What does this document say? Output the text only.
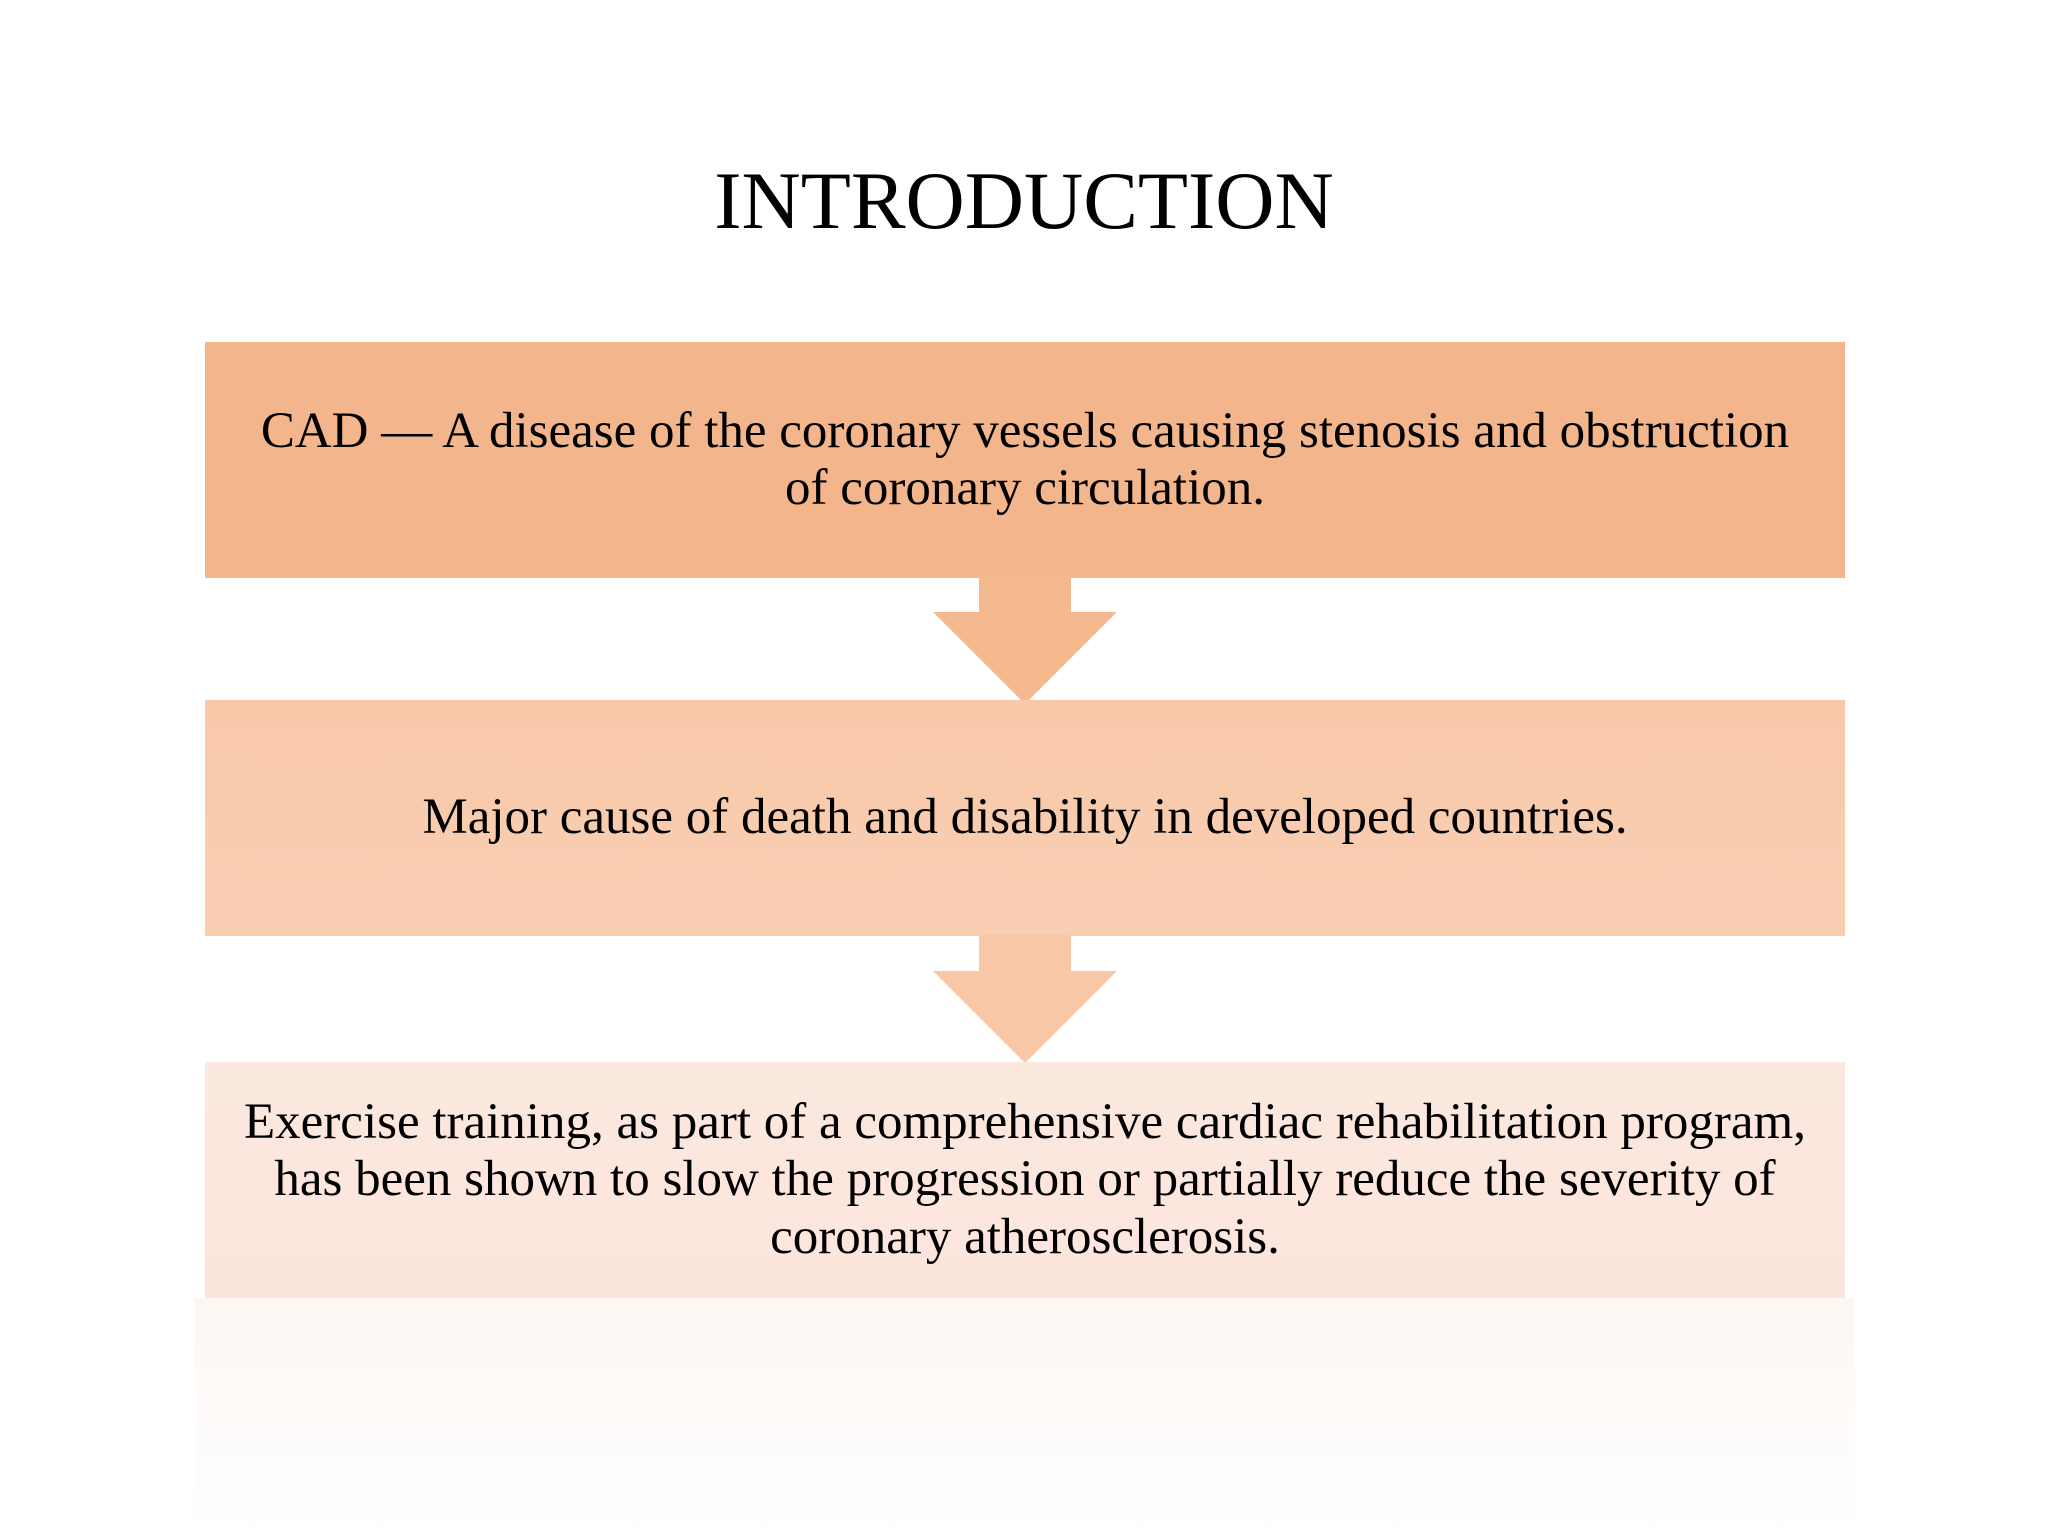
INTRODUCTION
CAD — A disease of the coronary vessels causing stenosis and obstruction of coronary circulation.
Major cause of death and disability in developed countries.
Exercise training, as part of a comprehensive cardiac rehabilitation program, has been shown to slow the progression or partially reduce the severity of coronary atherosclerosis.
